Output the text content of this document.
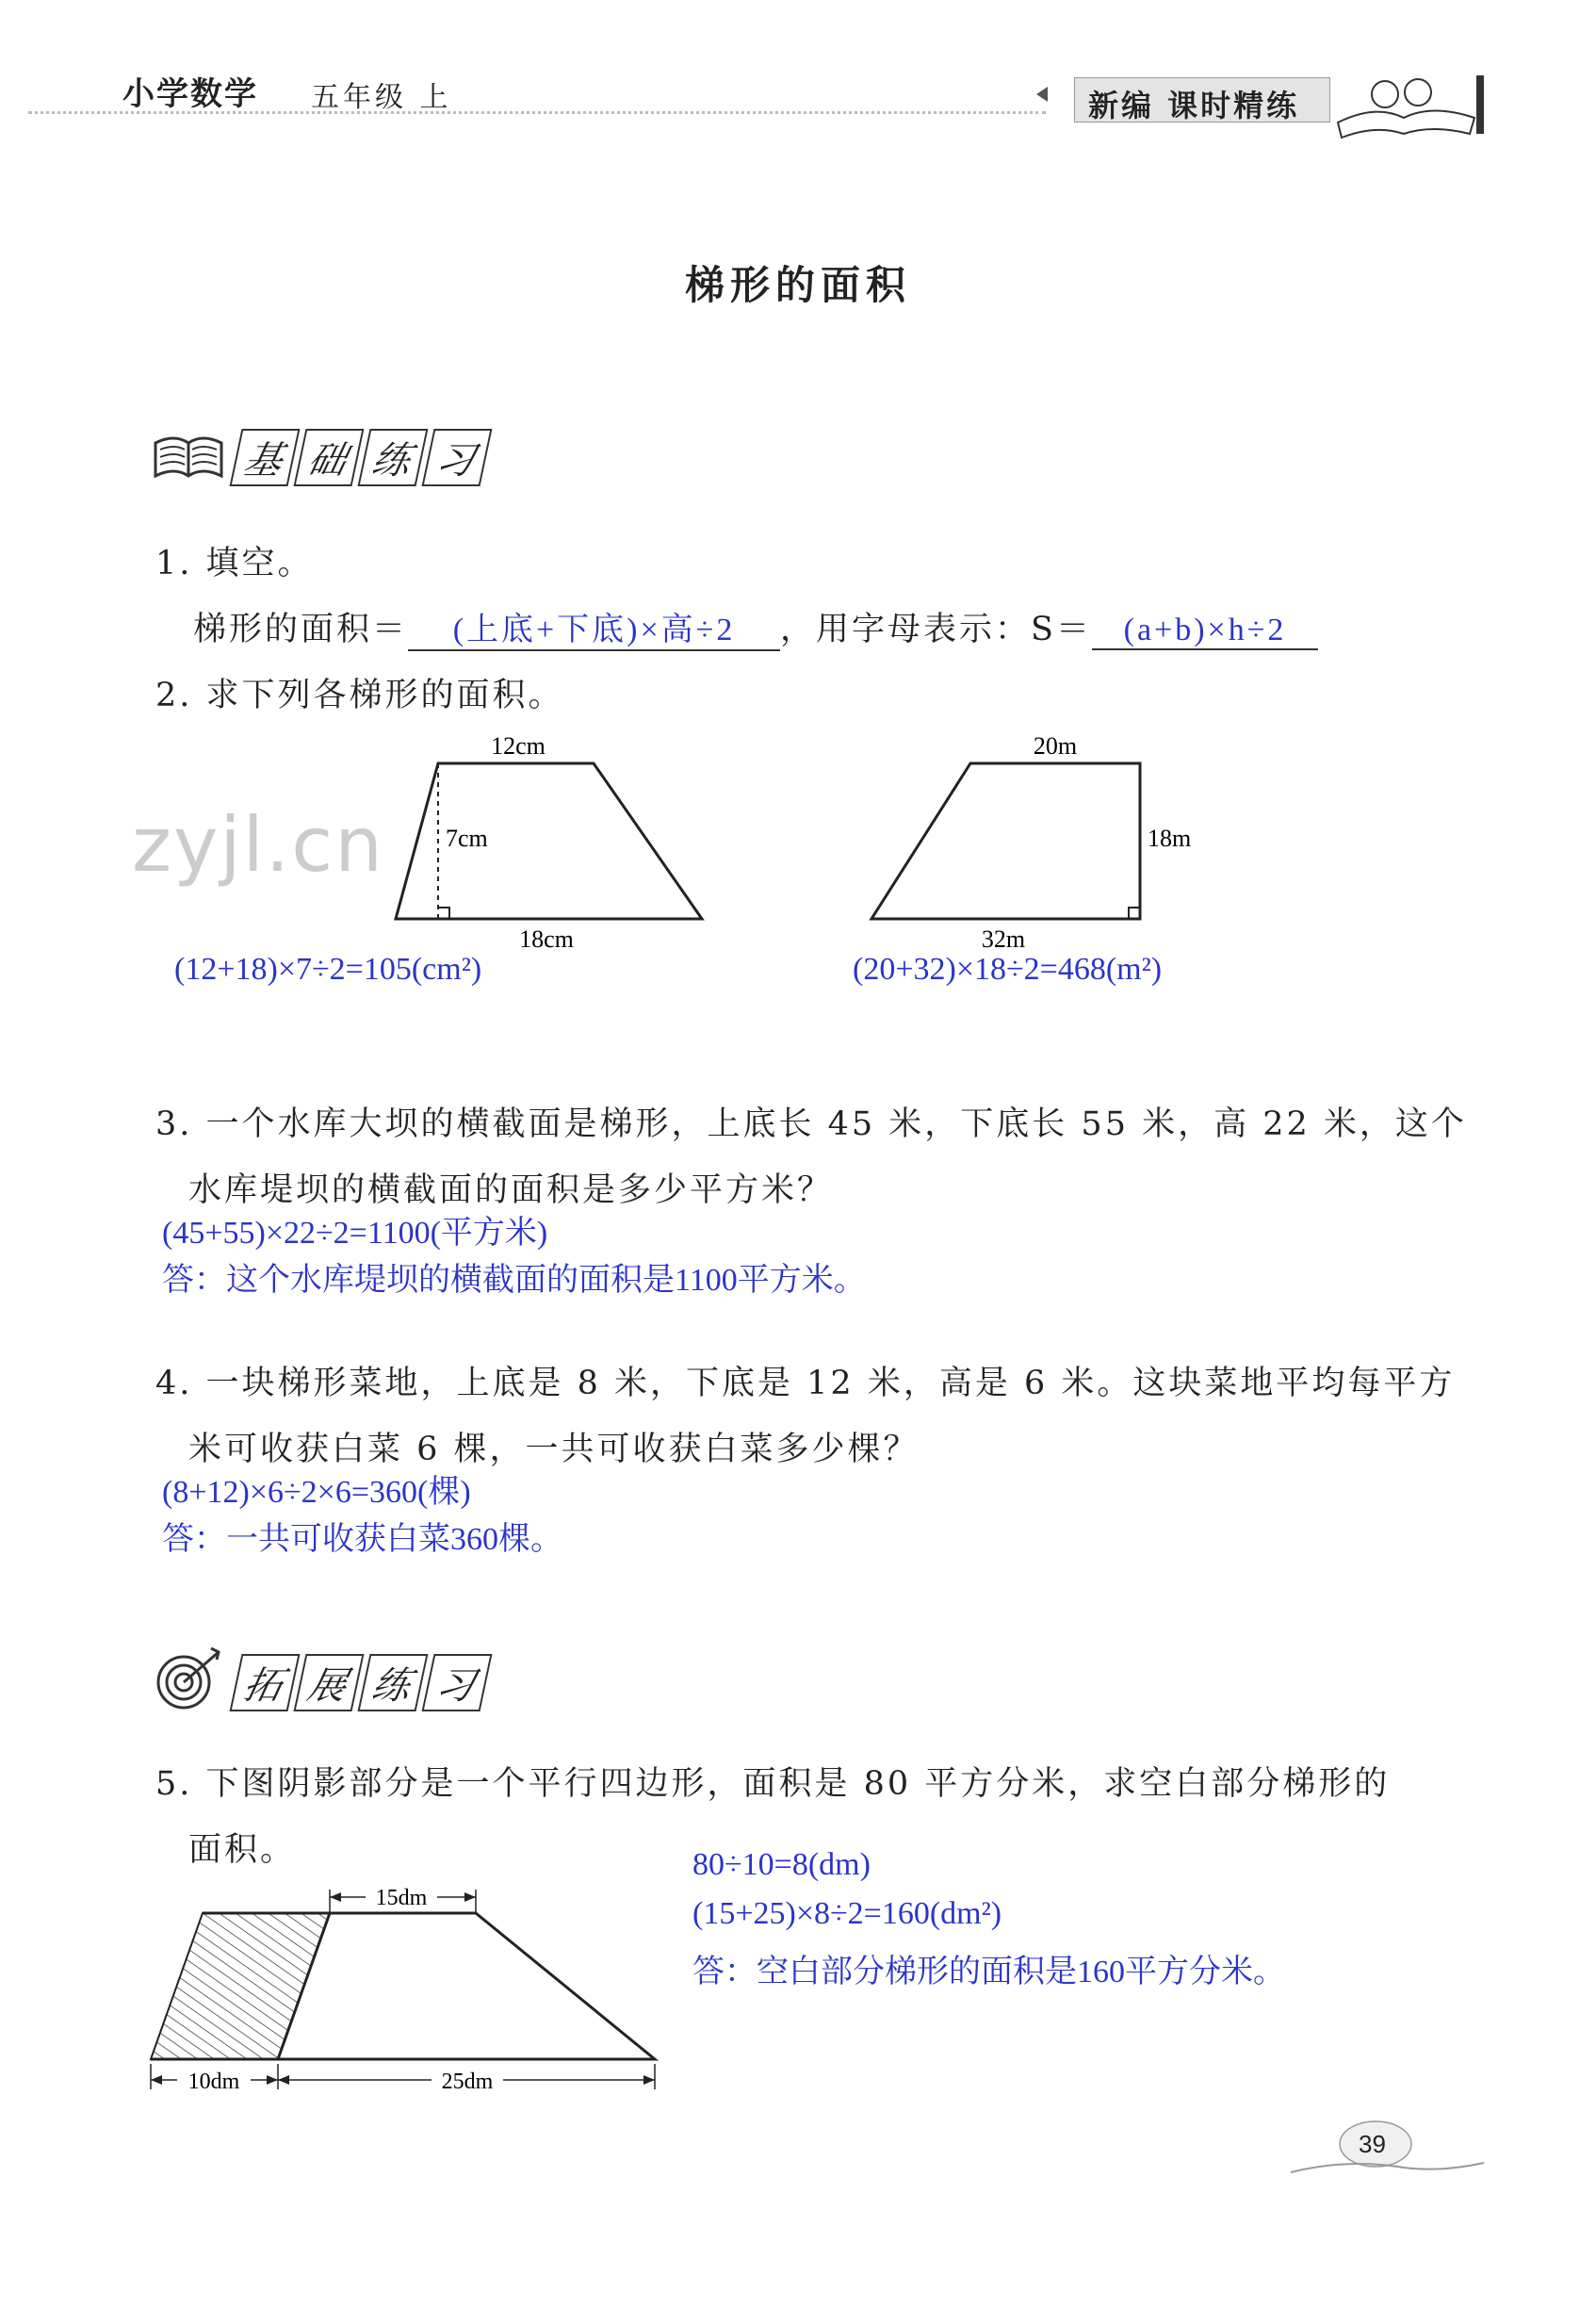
小学数学 五年级 上	新编 课时精练
梯形的面积
基 础 练 习
1. 填空。
梯形的面积＝ (上底+下底)×高÷2 ，用字母表示：S＝ (a+b)×h÷2
2. 求下列各梯形的面积。
zyjl.cn
12cm
7cm
18cm
20m
18m
32m
(12+18)×7÷2=105(cm²)	(20+32)×18÷2=468(m²)
3. 一个水库大坝的横截面是梯形，上底长 45 米，下底长 55 米，高 22 米，这个
水库堤坝的横截面的面积是多少平方米？
(45+55)×22÷2=1100(平方米)
答：这个水库堤坝的横截面的面积是1100平方米。
4. 一块梯形菜地，上底是 8 米，下底是 12 米，高是 6 米。这块菜地平均每平方
米可收获白菜 6 棵，一共可收获白菜多少棵？
(8+12)×6÷2×6=360(棵)
答：一共可收获白菜360棵。
拓 展 练 习
5. 下图阴影部分是一个平行四边形，面积是 80 平方分米，求空白部分梯形的
面积。
15dm
10dm	25dm
80÷10=8(dm)
(15+25)×8÷2=160(dm²)
答：空白部分梯形的面积是160平方分米。
39
